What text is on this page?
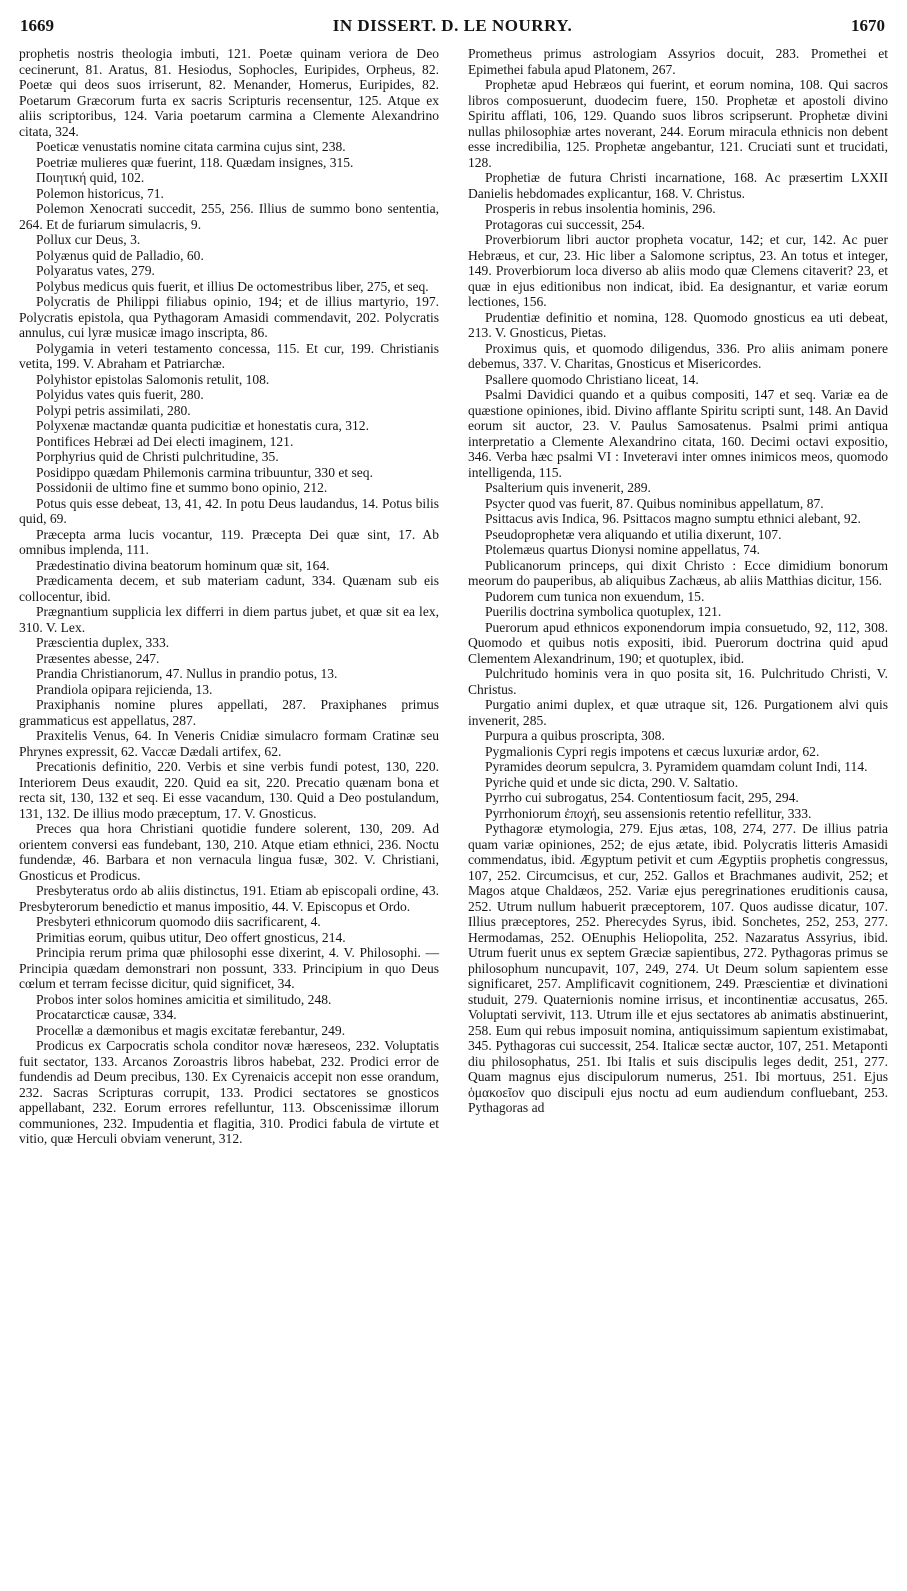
1669	IN DISSERT. D. LE NOURRY.	1670

prophetis nostris theologia imbuti, 121. Poetæ quinam veriora de Deo cecinerunt, 81. Aratus, 81. Hesiodus, Sophocles, Euripides, Orpheus, 82. Poetæ qui deos suos irriserunt, 82. Menander, Homerus, Euripides, 82. Poetarum Græcorum furta ex sacris Scripturis recensentur, 125. Atque ex aliis scriptoribus, 124. Varia poetarum carmina a Clemente Alexandrino citata, 324.

Poeticæ venustatis nomine citata carmina cujus sint, 238.

Poetriæ mulieres quæ fuerint, 118. Quædam insignes, 315.

Ποιητική quid, 102.

Polemon historicus, 71.

Polemon Xenocrati succedit, 255, 256. Illius de summo bono sententia, 264. Et de furiarum simulacris, 9.

Pollux cur Deus, 3.

Polyænus quid de Palladio, 60.

Polyaratus vates, 279.

Polybus medicus quis fuerit, et illius De octomestribus liber, 275, et seq.

Polycratis de Philippi filiabus opinio, 194; et de illius martyrio, 197. Polycratis epistola, qua Pythagoram Amasidi commendavit, 202. Polycratis annulus, cui lyræ musicæ imago inscripta, 86.

Polygamia in veteri testamento concessa, 115. Et cur, 199. Christianis vetita, 199. V. Abraham et Patriarchæ.

Polyhistor epistolas Salomonis retulit, 108.

Polyidus vates quis fuerit, 280.

Polypi petris assimilati, 280.

Polyxenæ mactandæ quanta pudicitiæ et honestatis cura, 312.

Pontifices Hebræi ad Dei electi imaginem, 121.

Porphyrius quid de Christi pulchritudine, 35.

Posidippo quædam Philemonis carmina tribuuntur, 330 et seq.

Possidonii de ultimo fine et summo bono opinio, 212.

Potus quis esse debeat, 13, 41, 42. In potu Deus laudandus, 14. Potus bilis quid, 69.

Præcepta arma lucis vocantur, 119. Præcepta Dei quæ sint, 17. Ab omnibus implenda, 111.

Prædestinatio divina beatorum hominum quæ sit, 164.

Prædicamenta decem, et sub materiam cadunt, 334. Quænam sub eis collocentur, ibid.

Prægnantium supplicia lex differri in diem partus jubet, et quæ sit ea lex, 310. V. Lex.

Præscientia duplex, 333.

Præsentes abesse, 247.

Prandia Christianorum, 47. Nullus in prandio potus, 13.

Prandiola opipara rejicienda, 13.

Praxiphanis nomine plures appellati, 287. Praxiphanes primus grammaticus est appellatus, 287.

Praxitelis Venus, 64. In Veneris Cnidiæ simulacro formam Cratinæ seu Phrynes expressit, 62. Vaccæ Dædali artifex, 62.

Precationis definitio, 220. Verbis et sine verbis fundi potest, 130, 220. Interiorem Deus exaudit, 220. Quid ea sit, 220. Precatio quænam bona et recta sit, 130, 132 et seq. Ei esse vacandum, 130. Quid a Deo postulandum, 131, 132. De illius modo præceptum, 17. V. Gnosticus.

Preces qua hora Christiani quotidie fundere solerent, 130, 209. Ad orientem conversi eas fundebant, 130, 210. Atque etiam ethnici, 236. Noctu fundendæ, 46. Barbara et non vernacula lingua fusæ, 302. V. Christiani, Gnosticus et Prodicus.

Presbyteratus ordo ab aliis distinctus, 191. Etiam ab episcopali ordine, 43. Presbyterorum benedictio et manus impositio, 44. V. Episcopus et Ordo.

Presbyteri ethnicorum quomodo diis sacrificarent, 4.

Primitias eorum, quibus utitur, Deo offert gnosticus, 214.

Principia rerum prima quæ philosophi esse dixerint, 4. V. Philosophi. — Principia quædam demonstrari non possunt, 333. Principium in quo Deus cœlum et terram fecisse dicitur, quid significet, 34.

Probos inter solos homines amicitia et similitudo, 248.

Procatarcticæ causæ, 334.

Procellæ a dæmonibus et magis excitatæ ferebantur, 249.

Prodicus ex Carpocratis schola conditor novæ hæreseos, 232. Voluptatis fuit sectator, 133. Arcanos Zoroastris libros habebat, 232. Prodici error de fundendis ad Deum precibus, 130. Ex Cyrenaicis accepit non esse orandum, 232. Sacras Scripturas corrupit, 133. Prodici sectatores se gnosticos appellabant, 232. Eorum errores refelluntur, 113. Obscenissimæ illorum communiones, 232. Impudentia et flagitia, 310. Prodici fabula de virtute et vitio, quæ Herculi obviam venerunt, 312.

Prometheus primus astrologiam Assyrios docuit, 283. Promethei et Epimethei fabula apud Platonem, 267.

Prophetæ apud Hebræos qui fuerint, et eorum nomina, 108. Qui sacros libros composuerunt, duodecim fuere, 150. Prophetæ et apostoli divino Spiritu afflati, 106, 129. Quando suos libros scripserunt. Prophetæ divini nullas philosophiæ artes noverant, 244. Eorum miracula ethnicis non debent esse incredibilia, 125. Prophetæ angebantur, 121. Cruciati sunt et trucidati, 128.

Prophetiæ de futura Christi incarnatione, 168. Ac præsertim LXXII Danielis hebdomades explicantur, 168. V. Christus.

Prosperis in rebus insolentia hominis, 296.

Protagoras cui successit, 254.

Proverbiorum libri auctor propheta vocatur, 142; et cur, 142. Ac puer Hebræus, et cur, 23. Hic liber a Salomone scriptus, 23. An totus et integer, 149. Proverbiorum loca diverso ab aliis modo quæ Clemens citaverit? 23, et quæ in ejus editionibus non indicat, ibid. Ea designantur, et variæ eorum lectiones, 156.

Prudentiæ definitio et nomina, 128. Quomodo gnosticus ea uti debeat, 213. V. Gnosticus, Pietas.

Proximus quis, et quomodo diligendus, 336. Pro aliis animam ponere debemus, 337. V. Charitas, Gnosticus et Misericordes.

Psallere quomodo Christiano liceat, 14.

Psalmi Davidici quando et a quibus compositi, 147 et seq. Variæ ea de quæstione opiniones, ibid. Divino afflante Spiritu scripti sunt, 148. An David eorum sit auctor, 23. V. Paulus Samosatenus. Psalmi primi antiqua interpretatio a Clemente Alexandrino citata, 160. Decimi octavi expositio, 346. Verba hæc psalmi VI : Inveteravi inter omnes inimicos meos, quomodo intelligenda, 115.

Psalterium quis invenerit, 289.

Psycter quod vas fuerit, 87. Quibus nominibus appellatum, 87.

Psittacus avis Indica, 96. Psittacos magno sumptu ethnici alebant, 92.

Pseudoprophetæ vera aliquando et utilia dixerunt, 107.

Ptolemæus quartus Dionysi nomine appellatus, 74.

Publicanorum princeps, qui dixit Christo : Ecce dimidium bonorum meorum do pauperibus, ab aliquibus Zachæus, ab aliis Matthias dicitur, 156.

Pudorem cum tunica non exuendum, 15.

Puerilis doctrina symbolica quotuplex, 121.

Puerorum apud ethnicos exponendorum impia consuetudo, 92, 112, 308. Quomodo et quibus notis expositi, ibid. Puerorum doctrina quid apud Clementem Alexandrinum, 190; et quotuplex, ibid.

Pulchritudo hominis vera in quo posita sit, 16. Pulchritudo Christi, V. Christus.

Purgatio animi duplex, et quæ utraque sit, 126. Purgationem alvi quis invenerit, 285.

Purpura a quibus proscripta, 308.

Pygmalionis Cypri regis impotens et cæcus luxuriæ ardor, 62.

Pyramides deorum sepulcra, 3. Pyramidem quamdam colunt Indi, 114.

Pyriche quid et unde sic dicta, 290. V. Saltatio.

Pyrrho cui subrogatus, 254. Contentiosum facit, 295, 294.

Pyrrhoniorum ἐποχή, seu assensionis retentio refellitur, 333.

Pythagoræ etymologia, 279. Ejus ætas, 108, 274, 277. De illius patria quam variæ opiniones, 252; de ejus ætate, ibid. Polycratis litteris Amasidi commendatus, ibid. Ægyptum petivit et cum Ægyptiis prophetis congressus, 107, 252. Circumcisus, et cur, 252. Gallos et Brachmanes audivit, 252; et Magos atque Chaldæos, 252. Variæ ejus peregrinationes eruditionis causa, 252. Utrum nullum habuerit præceptorem, 107. Quos audisse dicatur, 107. Illius præceptores, 252. Pherecydes Syrus, ibid. Sonchetes, 252, 253, 277. Hermodamas, 252. OEnuphis Heliopolita, 252. Nazaratus Assyrius, ibid. Utrum fuerit unus ex septem Græciæ sapientibus, 272. Pythagoras primus se philosophum nuncupavit, 107, 249, 274. Ut Deum solum sapientem esse significaret, 257. Amplificavit cognitionem, 249. Præscientiæ et divinationi studuit, 279. Quaternionis nomine irrisus, et incontinentiæ accusatus, 265. Voluptati servivit, 113. Utrum ille et ejus sectatores ab animatis abstinuerint, 258. Eum qui rebus imposuit nomina, antiquissimum sapientum existimabat, 345. Pythagoras cui successit, 254. Italicæ sectæ auctor, 107, 251. Metaponti diu philosophatus, 251. Ibi Italis et suis discipulis leges dedit, 251, 277. Quam magnus ejus discipulorum numerus, 251. Ibi mortuus, 251. Ejus ὁμακοεῖον quo discipuli ejus noctu ad eum audiendum confluebant, 253. Pythagoras ad
